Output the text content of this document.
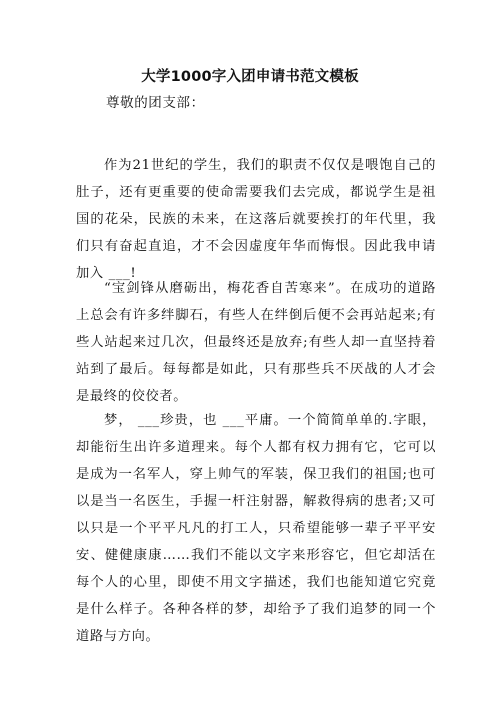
大学1000字入团申请书范文模板
尊敬的团支部：

作为21世纪的学生，我们的职责不仅仅是喂饱自己的肚子，还有更重要的使命需要我们去完成，都说学生是祖国的花朵，民族的未来，在这落后就要挨打的年代里，我们只有奋起直追，才不会因虚度年华而悔恨。因此我申请加入 ___!

“宝剑锋从磨砺出，梅花香自苦寒来”。在成功的道路上总会有许多绊脚石，有些人在绊倒后便不会再站起来;有些人站起来过几次，但最终还是放弃;有些人却一直坚持着站到了最后。每每都是如此，只有那些兵不厌战的人才会是最终的佼佼者。

梦， ___珍贵，也 ___平庸。一个简简单单的.字眼，却能衍生出许多道理来。每个人都有权力拥有它，它可以是成为一名军人，穿上帅气的军装，保卫我们的祖国;也可以是当一名医生，手握一杆注射器，解救得病的患者;又可以只是一个平平凡凡的打工人，只希望能够一辈子平平安安、健健康康……我们不能以文字来形容它，但它却活在每个人的心里，即使不用文字描述，我们也能知道它究竟是什么样子。各种各样的梦，却给予了我们追梦的同一个道路与方向。
